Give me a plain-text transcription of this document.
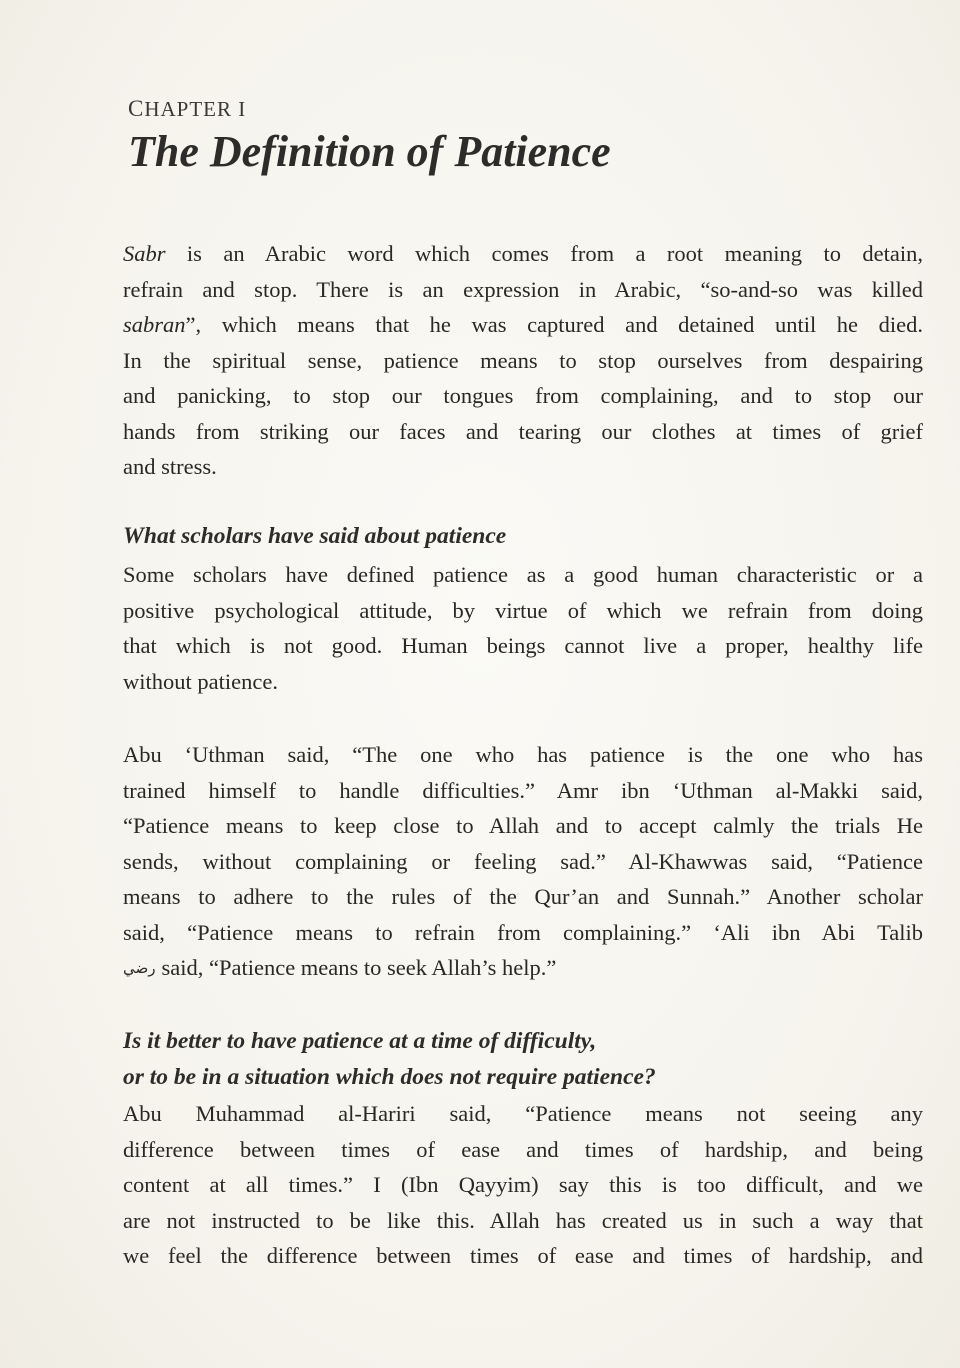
CHAPTER I
The Definition of Patience
Sabr is an Arabic word which comes from a root meaning to detain,
refrain and stop. There is an expression in Arabic, “so-and-so was killed
sabran”, which means that he was captured and detained until he died.
In the spiritual sense, patience means to stop ourselves from despairing
and panicking, to stop our tongues from complaining, and to stop our
hands from striking our faces and tearing our clothes at times of grief
and stress.
What scholars have said about patience
Some scholars have defined patience as a good human characteristic or a
positive psychological attitude, by virtue of which we refrain from doing
that which is not good. Human beings cannot live a proper, healthy life
without patience.
Abu ‘Uthman said, “The one who has patience is the one who has
trained himself to handle difficulties.” Amr ibn ‘Uthman al-Makki said,
“Patience means to keep close to Allah and to accept calmly the trials He
sends, without complaining or feeling sad.” Al-Khawwas said, “Patience
means to adhere to the rules of the Qur’an and Sunnah.” Another scholar
said, “Patience means to refrain from complaining.” ‘Ali ibn Abi Talib
رضي said, “Patience means to seek Allah’s help.”
Is it better to have patience at a time of difficulty,
or to be in a situation which does not require patience?
Abu Muhammad al-Hariri said, “Patience means not seeing any
difference between times of ease and times of hardship, and being
content at all times.” I (Ibn Qayyim) say this is too difficult, and we
are not instructed to be like this. Allah has created us in such a way that
we feel the difference between times of ease and times of hardship, and
